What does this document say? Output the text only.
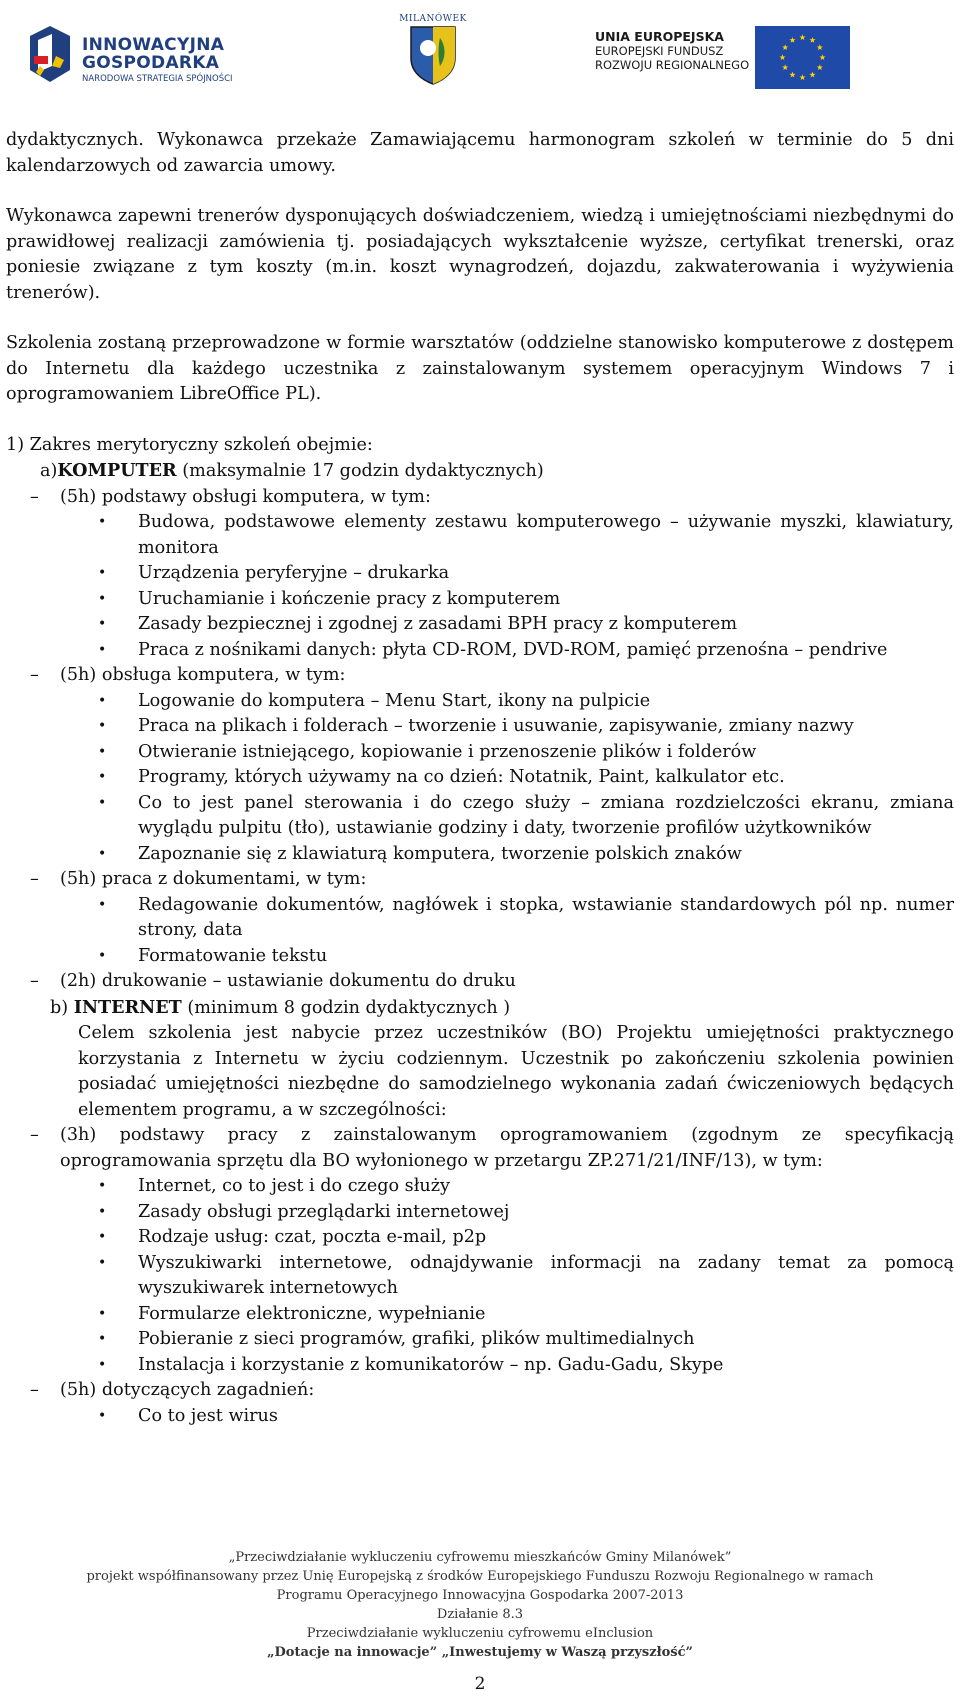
INNOWACYJNA
GOSPODARKA
NARODOWA STRATEGIA SPÓJNOŚCI
MILANÓWEK
UNIA EUROPEJSKA
EUROPEJSKI FUNDUSZ
ROZWOJU REGIONALNEGO

dydaktycznych. Wykonawca przekaże Zamawiającemu harmonogram szkoleń w terminie do 5 dni kalendarzowych od zawarcia umowy.

Wykonawca zapewni trenerów dysponujących doświadczeniem, wiedzą i umiejętnościami niezbędnymi do prawidłowej realizacji zamówienia tj. posiadających wykształcenie wyższe, certyfikat trenerski, oraz poniesie związane z tym koszty (m.in. koszt wynagrodzeń, dojazdu, zakwaterowania i wyżywienia trenerów).

Szkolenia zostaną przeprowadzone w formie warsztatów (oddzielne stanowisko komputerowe z dostępem do Internetu dla każdego uczestnika z zainstalowanym systemem operacyjnym Windows 7 i oprogramowaniem LibreOffice PL).

1) Zakres merytoryczny szkoleń obejmie:

a)KOMPUTER (maksymalnie 17 godzin dydaktycznych)

–	(5h) podstawy obsługi komputera, w tym:
• Budowa, podstawowe elementy zestawu komputerowego – używanie myszki, klawiatury, monitora
• Urządzenia peryferyjne – drukarka
• Uruchamianie i kończenie pracy z komputerem
• Zasady bezpiecznej i zgodnej z zasadami BPH pracy z komputerem
• Praca z nośnikami danych: płyta CD-ROM, DVD-ROM, pamięć przenośna – pendrive
–	(5h) obsługa komputera, w tym:
• Logowanie do komputera – Menu Start, ikony na pulpicie
• Praca na plikach i folderach – tworzenie i usuwanie, zapisywanie, zmiany nazwy
• Otwieranie istniejącego, kopiowanie i przenoszenie plików i folderów
• Programy, których używamy na co dzień: Notatnik, Paint, kalkulator etc.
• Co to jest panel sterowania i do czego służy – zmiana rozdzielczości ekranu, zmiana wyglądu pulpitu (tło), ustawianie godziny i daty, tworzenie profilów użytkowników
• Zapoznanie się z klawiaturą komputera, tworzenie polskich znaków
–	(5h) praca z dokumentami, w tym:
• Redagowanie dokumentów, nagłówek i stopka, wstawianie standardowych pól np. numer strony, data
• Formatowanie tekstu
–	(2h) drukowanie – ustawianie dokumentu do druku

b) INTERNET (minimum 8 godzin dydaktycznych )

Celem szkolenia jest nabycie przez uczestników (BO) Projektu umiejętności praktycznego korzystania z Internetu w życiu codziennym. Uczestnik po zakończeniu szkolenia powinien posiadać umiejętności niezbędne do samodzielnego wykonania zadań ćwiczeniowych będących elementem programu, a w szczególności:

–	(3h) podstawy pracy z zainstalowanym oprogramowaniem (zgodnym ze specyfikacją oprogramowania sprzętu dla BO wyłonionego w przetargu ZP.271/21/INF/13), w tym:
• Internet, co to jest i do czego służy
• Zasady obsługi przeglądarki internetowej
• Rodzaje usług: czat, poczta e-mail, p2p
• Wyszukiwarki internetowe, odnajdywanie informacji na zadany temat za pomocą wyszukiwarek internetowych
• Formularze elektroniczne, wypełnianie
• Pobieranie z sieci programów, grafiki, plików multimedialnych
• Instalacja i korzystanie z komunikatorów – np. Gadu-Gadu, Skype
–	(5h) dotyczących zagadnień:
• Co to jest wirus
„Przeciwdziałanie wykluczeniu cyfrowemu mieszkańców Gminy Milanówek”
projekt współfinansowany przez Unię Europejską z środków Europejskiego Funduszu Rozwoju Regionalnego w ramach
Programu Operacyjnego Innowacyjna Gospodarka 2007-2013
Działanie 8.3
Przeciwdziałanie wykluczeniu cyfrowemu eInclusion
„Dotacje na innowacje” „Inwestujemy w Waszą przyszłość”
2
